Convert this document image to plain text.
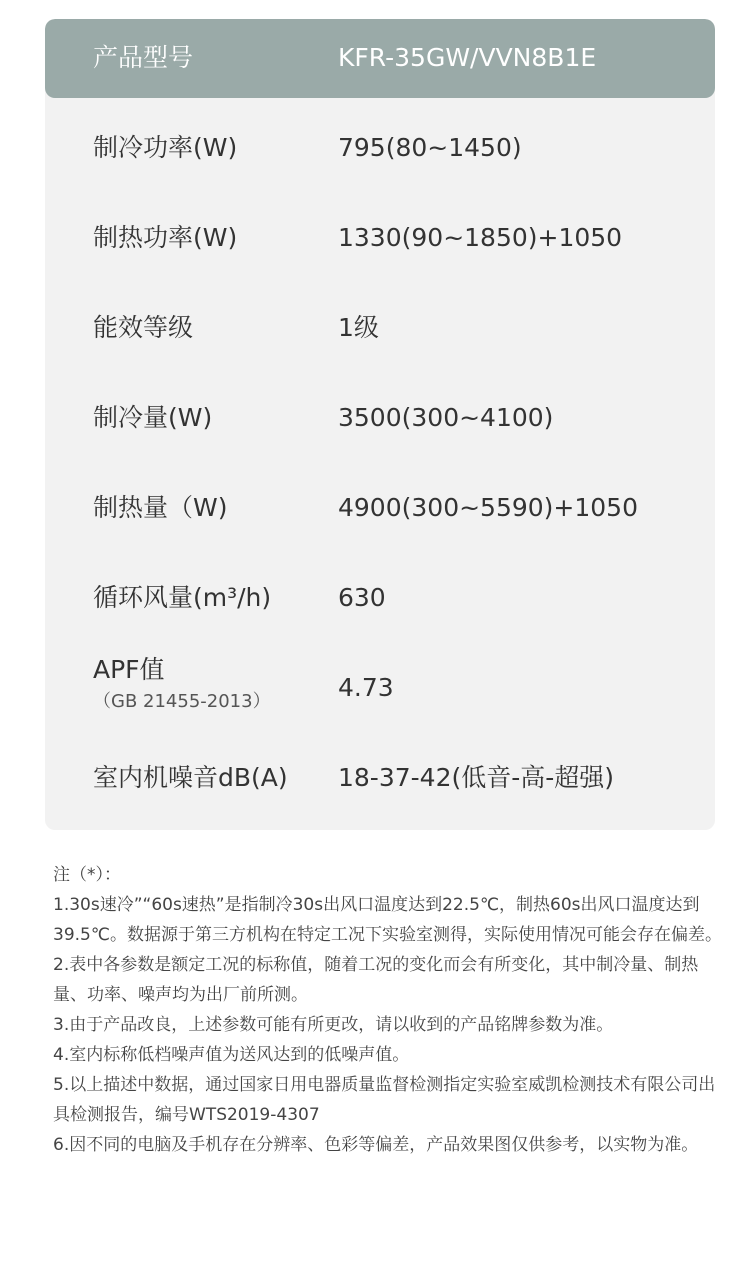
产品型号	KFR-35GW/VVN8B1E
制冷功率(W)	795(80~1450)
制热功率(W)	1330(90~1850)+1050
能效等级	1级
制冷量(W)	3500(300~4100)
制热量（W)	4900(300~5590)+1050
循环风量(m³/h)	630
APF值
（GB 21455-2013）	4.73
室内机噪音dB(A) 18-37-42(低音-高-超强)

注（*）：

1.30s速冷”“60s速热”是指制冷30s出风口温度达到22.5℃，制热60s出风口温度达到39.5℃。数据源于第三方机构在特定工况下实验室测得，实际使用情况可能会存在偏差。

2.表中各参数是额定工况的标称值，随着工况的变化而会有所变化，其中制冷量、制热量、功率、噪声均为出厂前所测。

3.由于产品改良，上述参数可能有所更改，请以收到的产品铭牌参数为准。

4.室内标称低档噪声值为送风达到的低噪声值。

5.以上描述中数据，通过国家日用电器质量监督检测指定实验室威凯检测技术有限公司出具检测报告，编号WTS2019-4307

6.因不同的电脑及手机存在分辨率、色彩等偏差，产品效果图仅供参考，以实物为准。
